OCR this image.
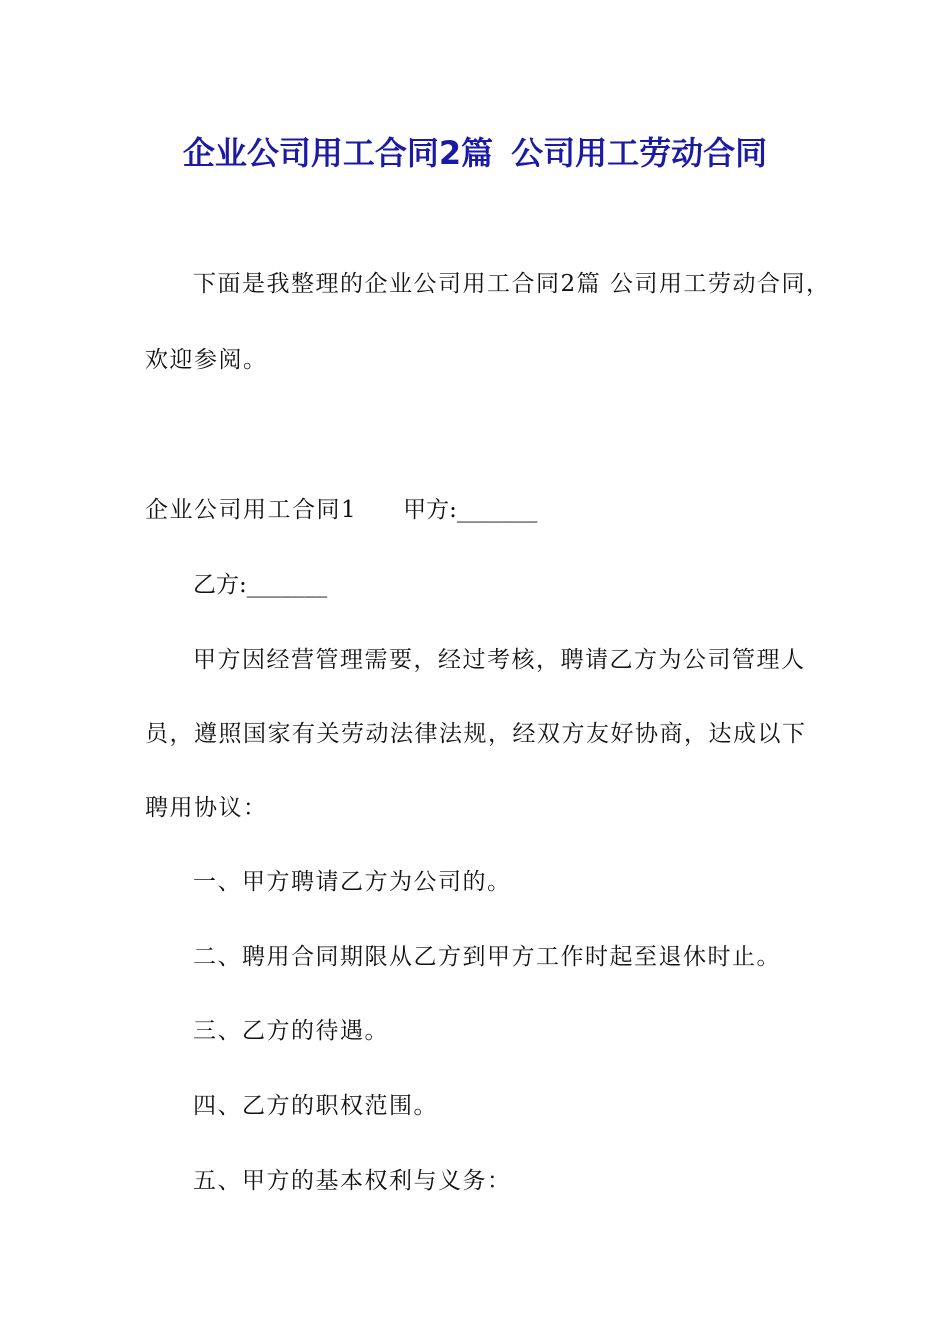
企业公司用工合同2篇 公司用工劳动合同
下面是我整理的企业公司用工合同2篇 公司用工劳动合同，
欢迎参阅。
企业公司用工合同1 甲方:_______
乙方:_______
甲方因经营管理需要，经过考核，聘请乙方为公司管理人
员，遵照国家有关劳动法律法规，经双方友好协商，达成以下
聘用协议：
一、甲方聘请乙方为公司的。
二、聘用合同期限从乙方到甲方工作时起至退休时止。
三、乙方的待遇。
四、乙方的职权范围。
五、甲方的基本权利与义务：
